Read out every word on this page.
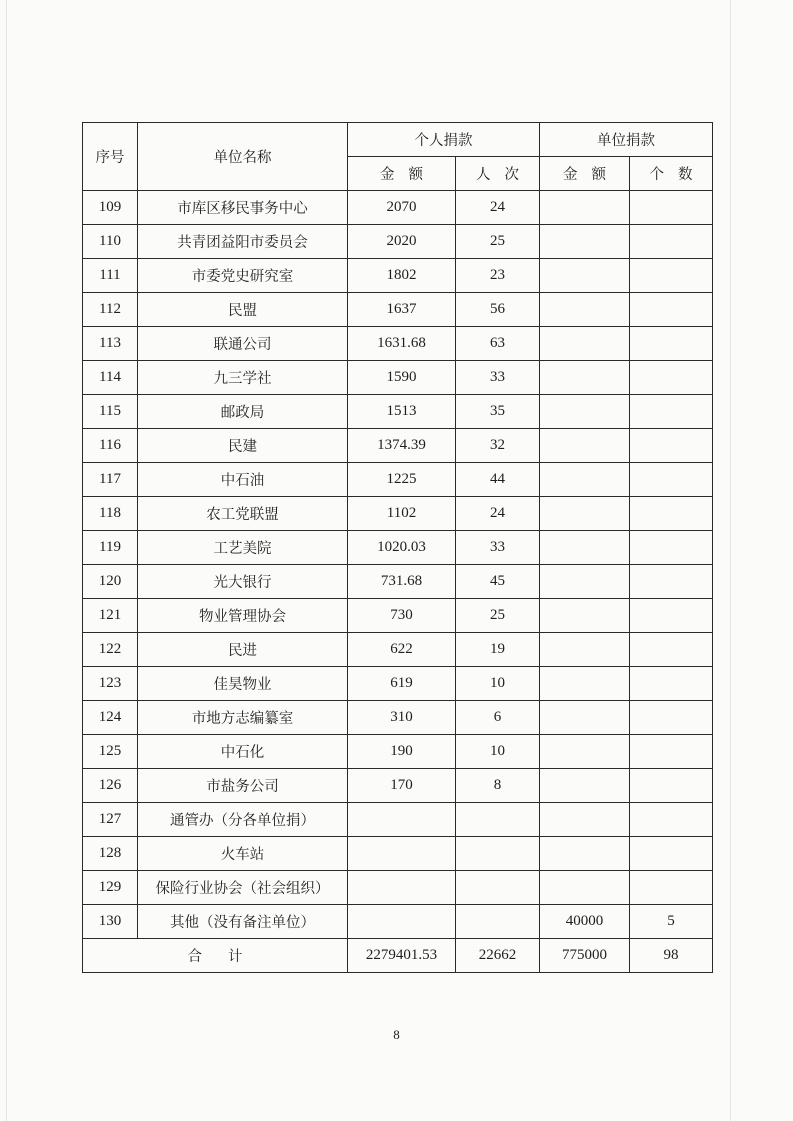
序号	单位名称	个人捐款		单位捐款	
		金额	人次	金额	个数
109	市库区移民事务中心	2070	24		
110	共青团益阳市委员会	2020	25		
111	市委党史研究室	1802	23		
112	民盟	1637	56		
113	联通公司	1631.68	63		
114	九三学社	1590	33		
115	邮政局	1513	35		
116	民建	1374.39	32		
117	中石油	1225	44		
118	农工党联盟	1102	24		
119	工艺美院	1020.03	33		
120	光大银行	731.68	45		
121	物业管理协会	730	25		
122	民进	622	19		
123	佳昊物业	619	10		
124	市地方志编纂室	310	6		
125	中石化	190	10		
126	市盐务公司	170	8		
127	通管办（分各单位捐）				
128	火车站				
129	保险行业协会（社会组织）				
130	其他（没有备注单位）			40000	5
合计		2279401.53	22662	775000	98
8
